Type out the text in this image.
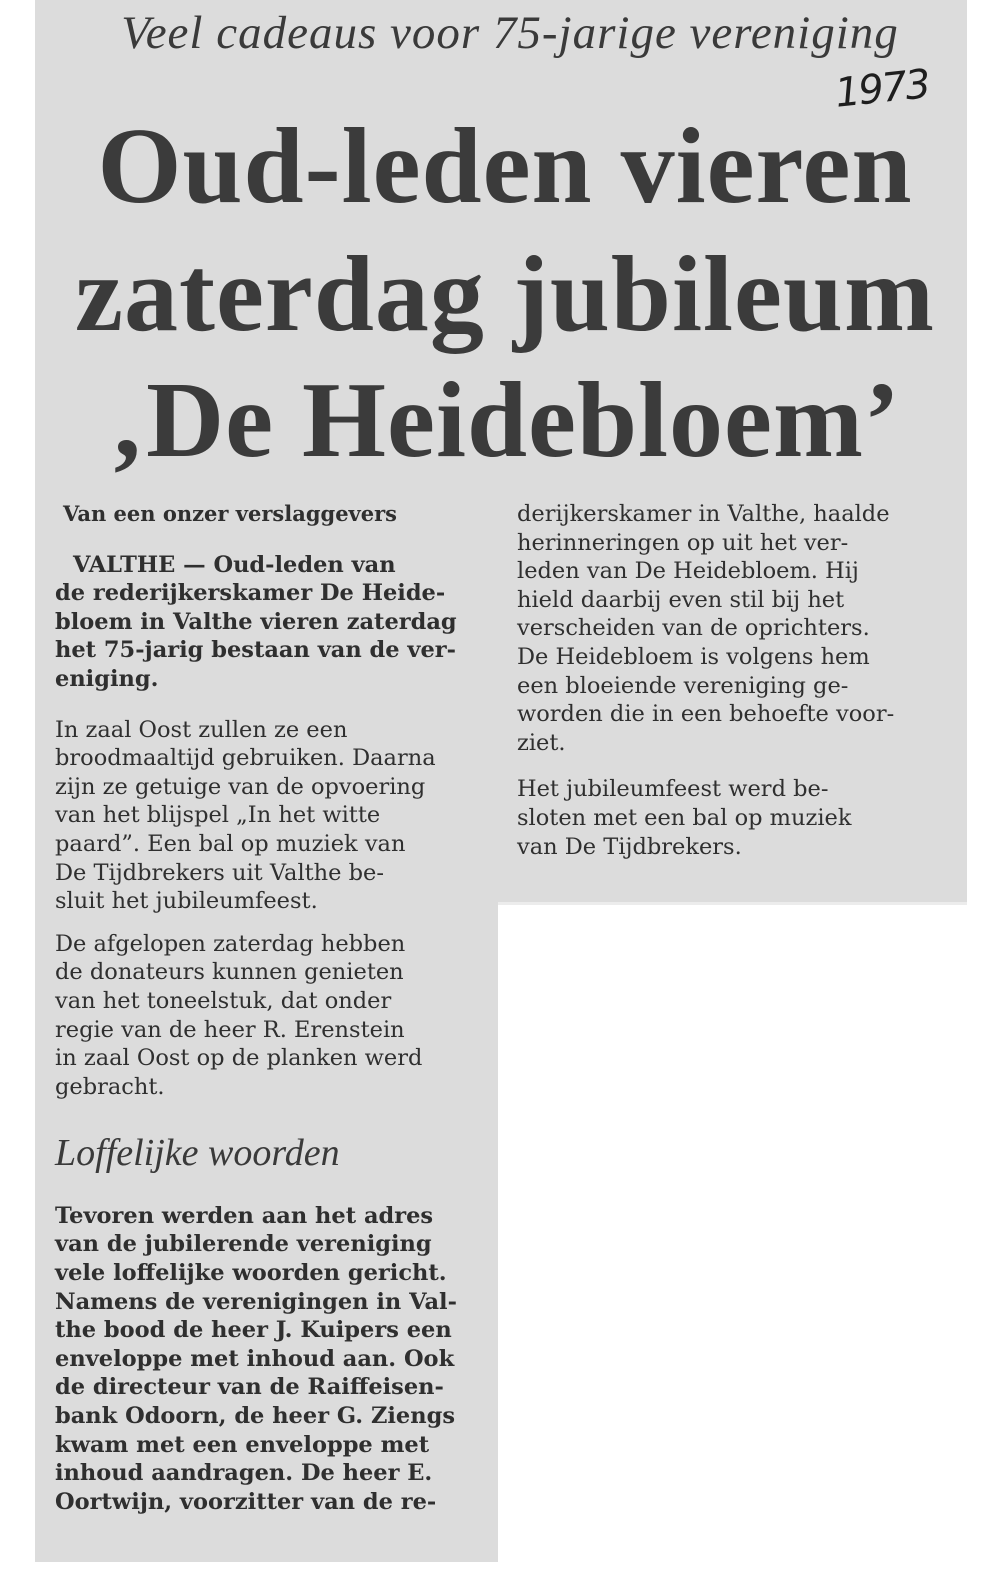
Veel cadeaus voor 75-jarige vereniging
1973
Oud-leden vieren
zaterdag jubileum
‚De Heidebloem’

Van een onzer verslaggevers

VALTHE — Oud-leden van
de rederijkerskamer De Heide-
bloem in Valthe vieren zaterdag
het 75-jarig bestaan van de ver-
eniging.

In zaal Oost zullen ze een
broodmaaltijd gebruiken. Daarna
zijn ze getuige van de opvoering
van het blijspel „In het witte
paard”. Een bal op muziek van
De Tijdbrekers uit Valthe be-
sluit het jubileumfeest.

De afgelopen zaterdag hebben
de donateurs kunnen genieten
van het toneelstuk, dat onder
regie van de heer R. Erenstein
in zaal Oost op de planken werd
gebracht.

Loffelijke woorden

Tevoren werden aan het adres
van de jubilerende vereniging
vele loffelijke woorden gericht.
Namens de verenigingen in Val-
the bood de heer J. Kuipers een
enveloppe met inhoud aan. Ook
de directeur van de Raiffeisen-
bank Odoorn, de heer G. Ziengs
kwam met een enveloppe met
inhoud aandragen. De heer E.
Oortwijn, voorzitter van de re-

derijkerskamer in Valthe, haalde
herinneringen op uit het ver-
leden van De Heidebloem. Hij
hield daarbij even stil bij het
verscheiden van de oprichters.
De Heidebloem is volgens hem
een bloeiende vereniging ge-
worden die in een behoefte voor-
ziet.

Het jubileumfeest werd be-
sloten met een bal op muziek
van De Tijdbrekers.
